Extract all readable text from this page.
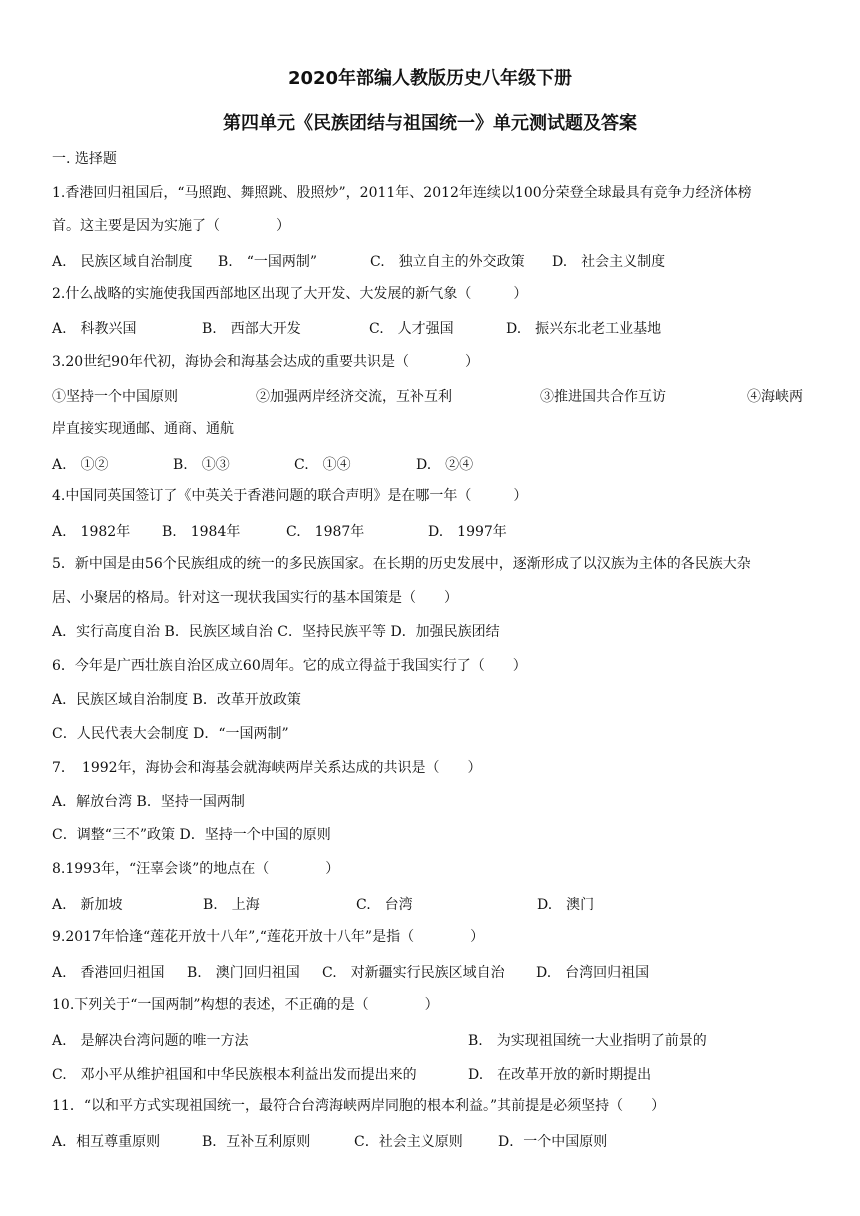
2020年部编人教版历史八年级下册
第四单元《民族团结与祖国统一》单元测试题及答案
一. 选择题
1.香港回归祖国后，“马照跑、舞照跳、股照炒”，2011年、2012年连续以100分荣登全球最具有竞争力经济体榜
首。这主要是因为实施了（　　　　）
A.　民族区域自治制度 B.　“一国两制”	C.　独立自主的外交政策 D.　社会主义制度
2.什么战略的实施使我国西部地区出现了大开发、大发展的新气象（　　　）
A.　科教兴国	B.　西部大开发	C.　人才强国	D.　振兴东北老工业基地
3.20世纪90年代初，海协会和海基会达成的重要共识是（　　　　）
①坚持一个中国原则	②加强两岸经济交流，互补互利	③推进国共合作互访	④海峡两
岸直接实现通邮、通商、通航
A.　①②	B.　①③	C.　①④	D.　②④
4.中国同英国签订了《中英关于香港问题的联合声明》是在哪一年（　　　）
A.　1982年 B.　1984年	C.　1987年	D.　1997年
5．新中国是由56个民族组成的统一的多民族国家。在长期的历史发展中，逐渐形成了以汉族为主体的各民族大杂
居、小聚居的格局。针对这一现状我国实行的基本国策是（　　）
A．实行高度自治 B．民族区域自治 C．坚持民族平等 D．加强民族团结
6．今年是广西壮族自治区成立60周年。它的成立得益于我国实行了（　　）
A．民族区域自治制度 B．改革开放政策
C．人民代表大会制度 D．“一国两制”
7．　1992年，海协会和海基会就海峡两岸关系达成的共识是（　　）
A．解放台湾 B．坚持一国两制
C．调整“三不”政策 D．坚持一个中国的原则
8.1993年，“汪辜会谈”的地点在（　　　　）
A.　新加坡	B.　上海	C.　台湾	D.　澳门
9.2017年恰逢“莲花开放十八年”,“莲花开放十八年”是指（　　　　）
A.　香港回归祖国 B.　澳门回归祖国 C.　对新疆实行民族区域自治 D.　台湾回归祖国
10.下列关于“一国两制”构想的表述，不正确的是（　　　　）
A.　是解决台湾问题的唯一方法	B.　为实现祖国统一大业指明了前景的
C.　邓小平从维护祖国和中华民族根本利益出发而提出来的	D.　在改革开放的新时期提出
11．“以和平方式实现祖国统一，最符合台湾海峡两岸同胞的根本利益。”其前提是必须坚持（　　）
A．相互尊重原则	B．互补互利原则	C．社会主义原则	D．一个中国原则
